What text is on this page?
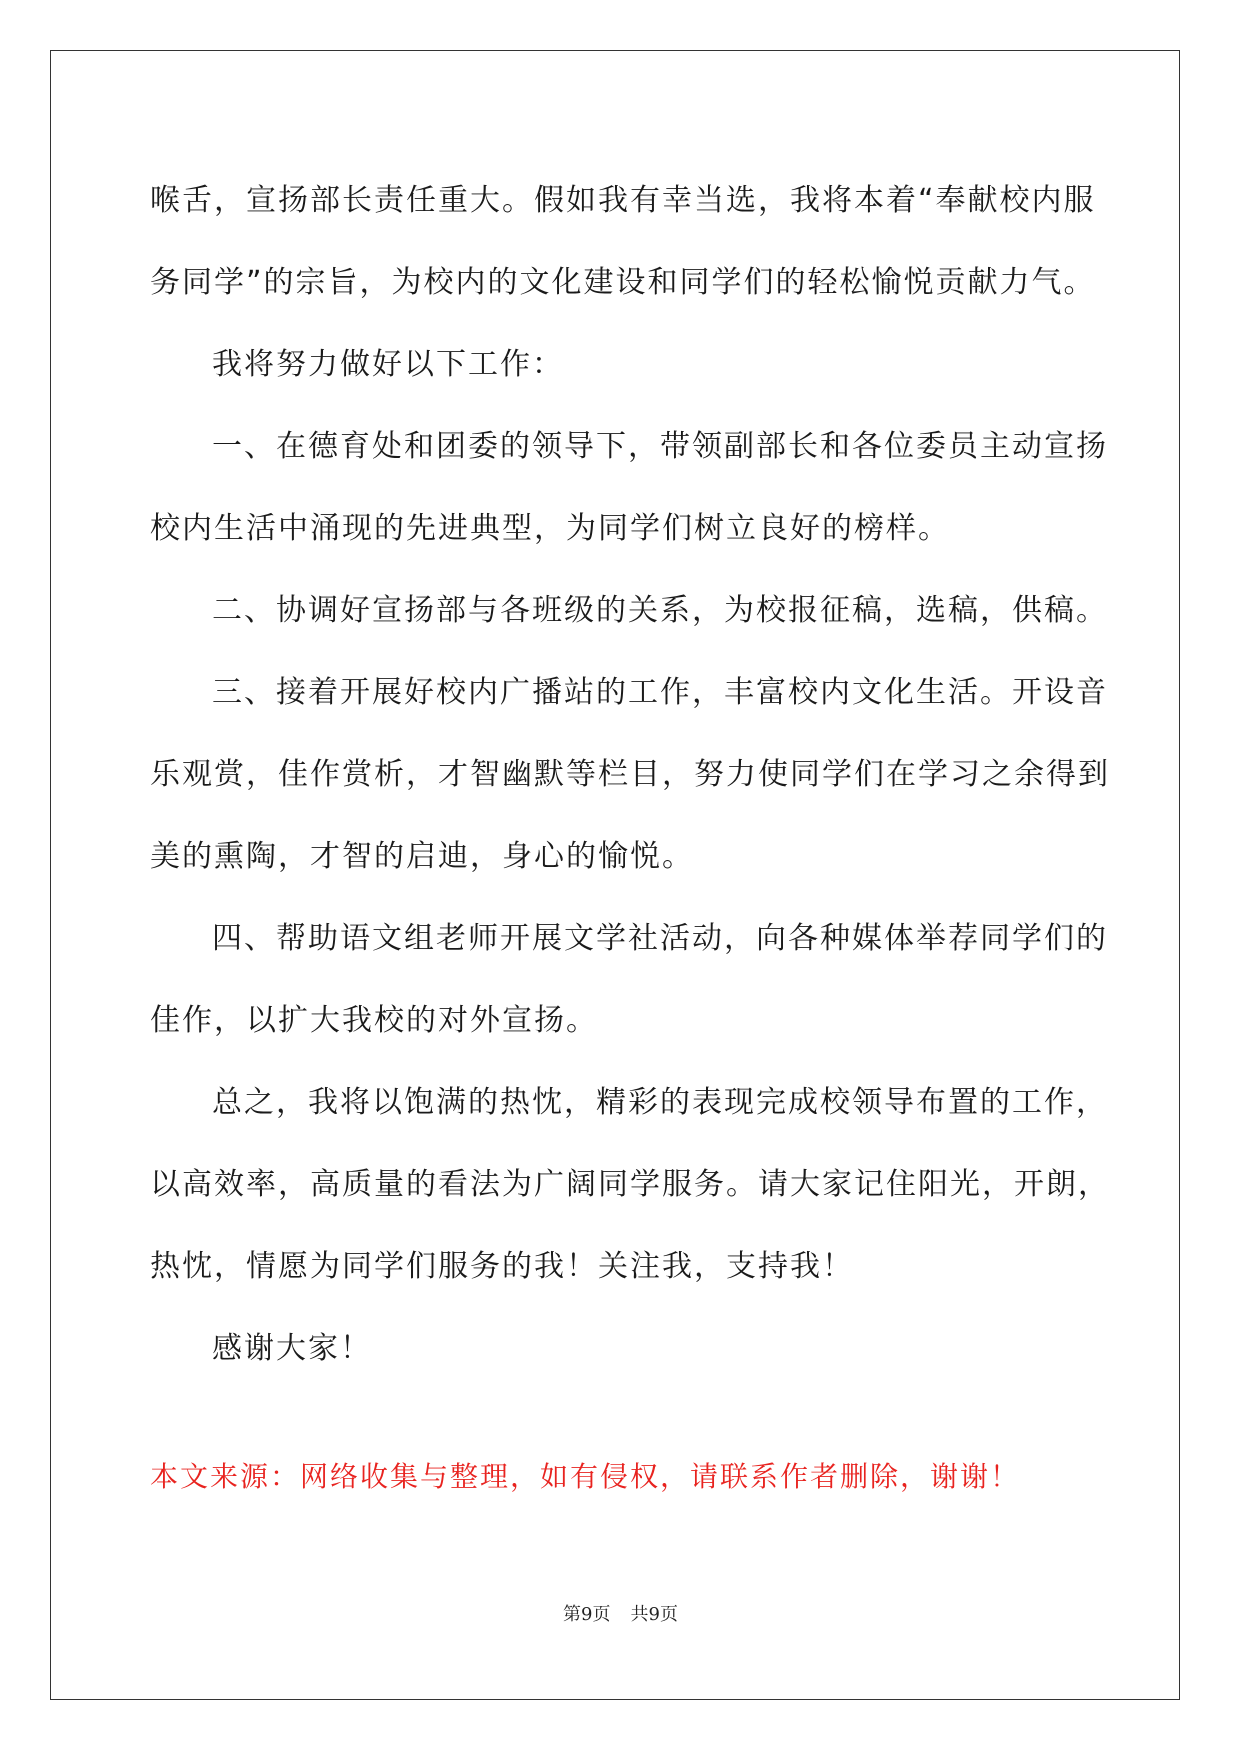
喉舌，宣扬部长责任重大。假如我有幸当选，我将本着“奉献校内服
务同学”的宗旨，为校内的文化建设和同学们的轻松愉悦贡献力气。
我将努力做好以下工作：
一、在德育处和团委的领导下，带领副部长和各位委员主动宣扬
校内生活中涌现的先进典型，为同学们树立良好的榜样。
二、协调好宣扬部与各班级的关系，为校报征稿，选稿，供稿。
三、接着开展好校内广播站的工作，丰富校内文化生活。开设音
乐观赏，佳作赏析，才智幽默等栏目，努力使同学们在学习之余得到
美的熏陶，才智的启迪，身心的愉悦。
四、帮助语文组老师开展文学社活动，向各种媒体举荐同学们的
佳作，以扩大我校的对外宣扬。
总之，我将以饱满的热忱，精彩的表现完成校领导布置的工作，
以高效率，高质量的看法为广阔同学服务。请大家记住阳光，开朗，
热忱，情愿为同学们服务的我！关注我，支持我！
感谢大家！
本文来源：网络收集与整理，如有侵权，请联系作者删除，谢谢！
第9页 共9页
